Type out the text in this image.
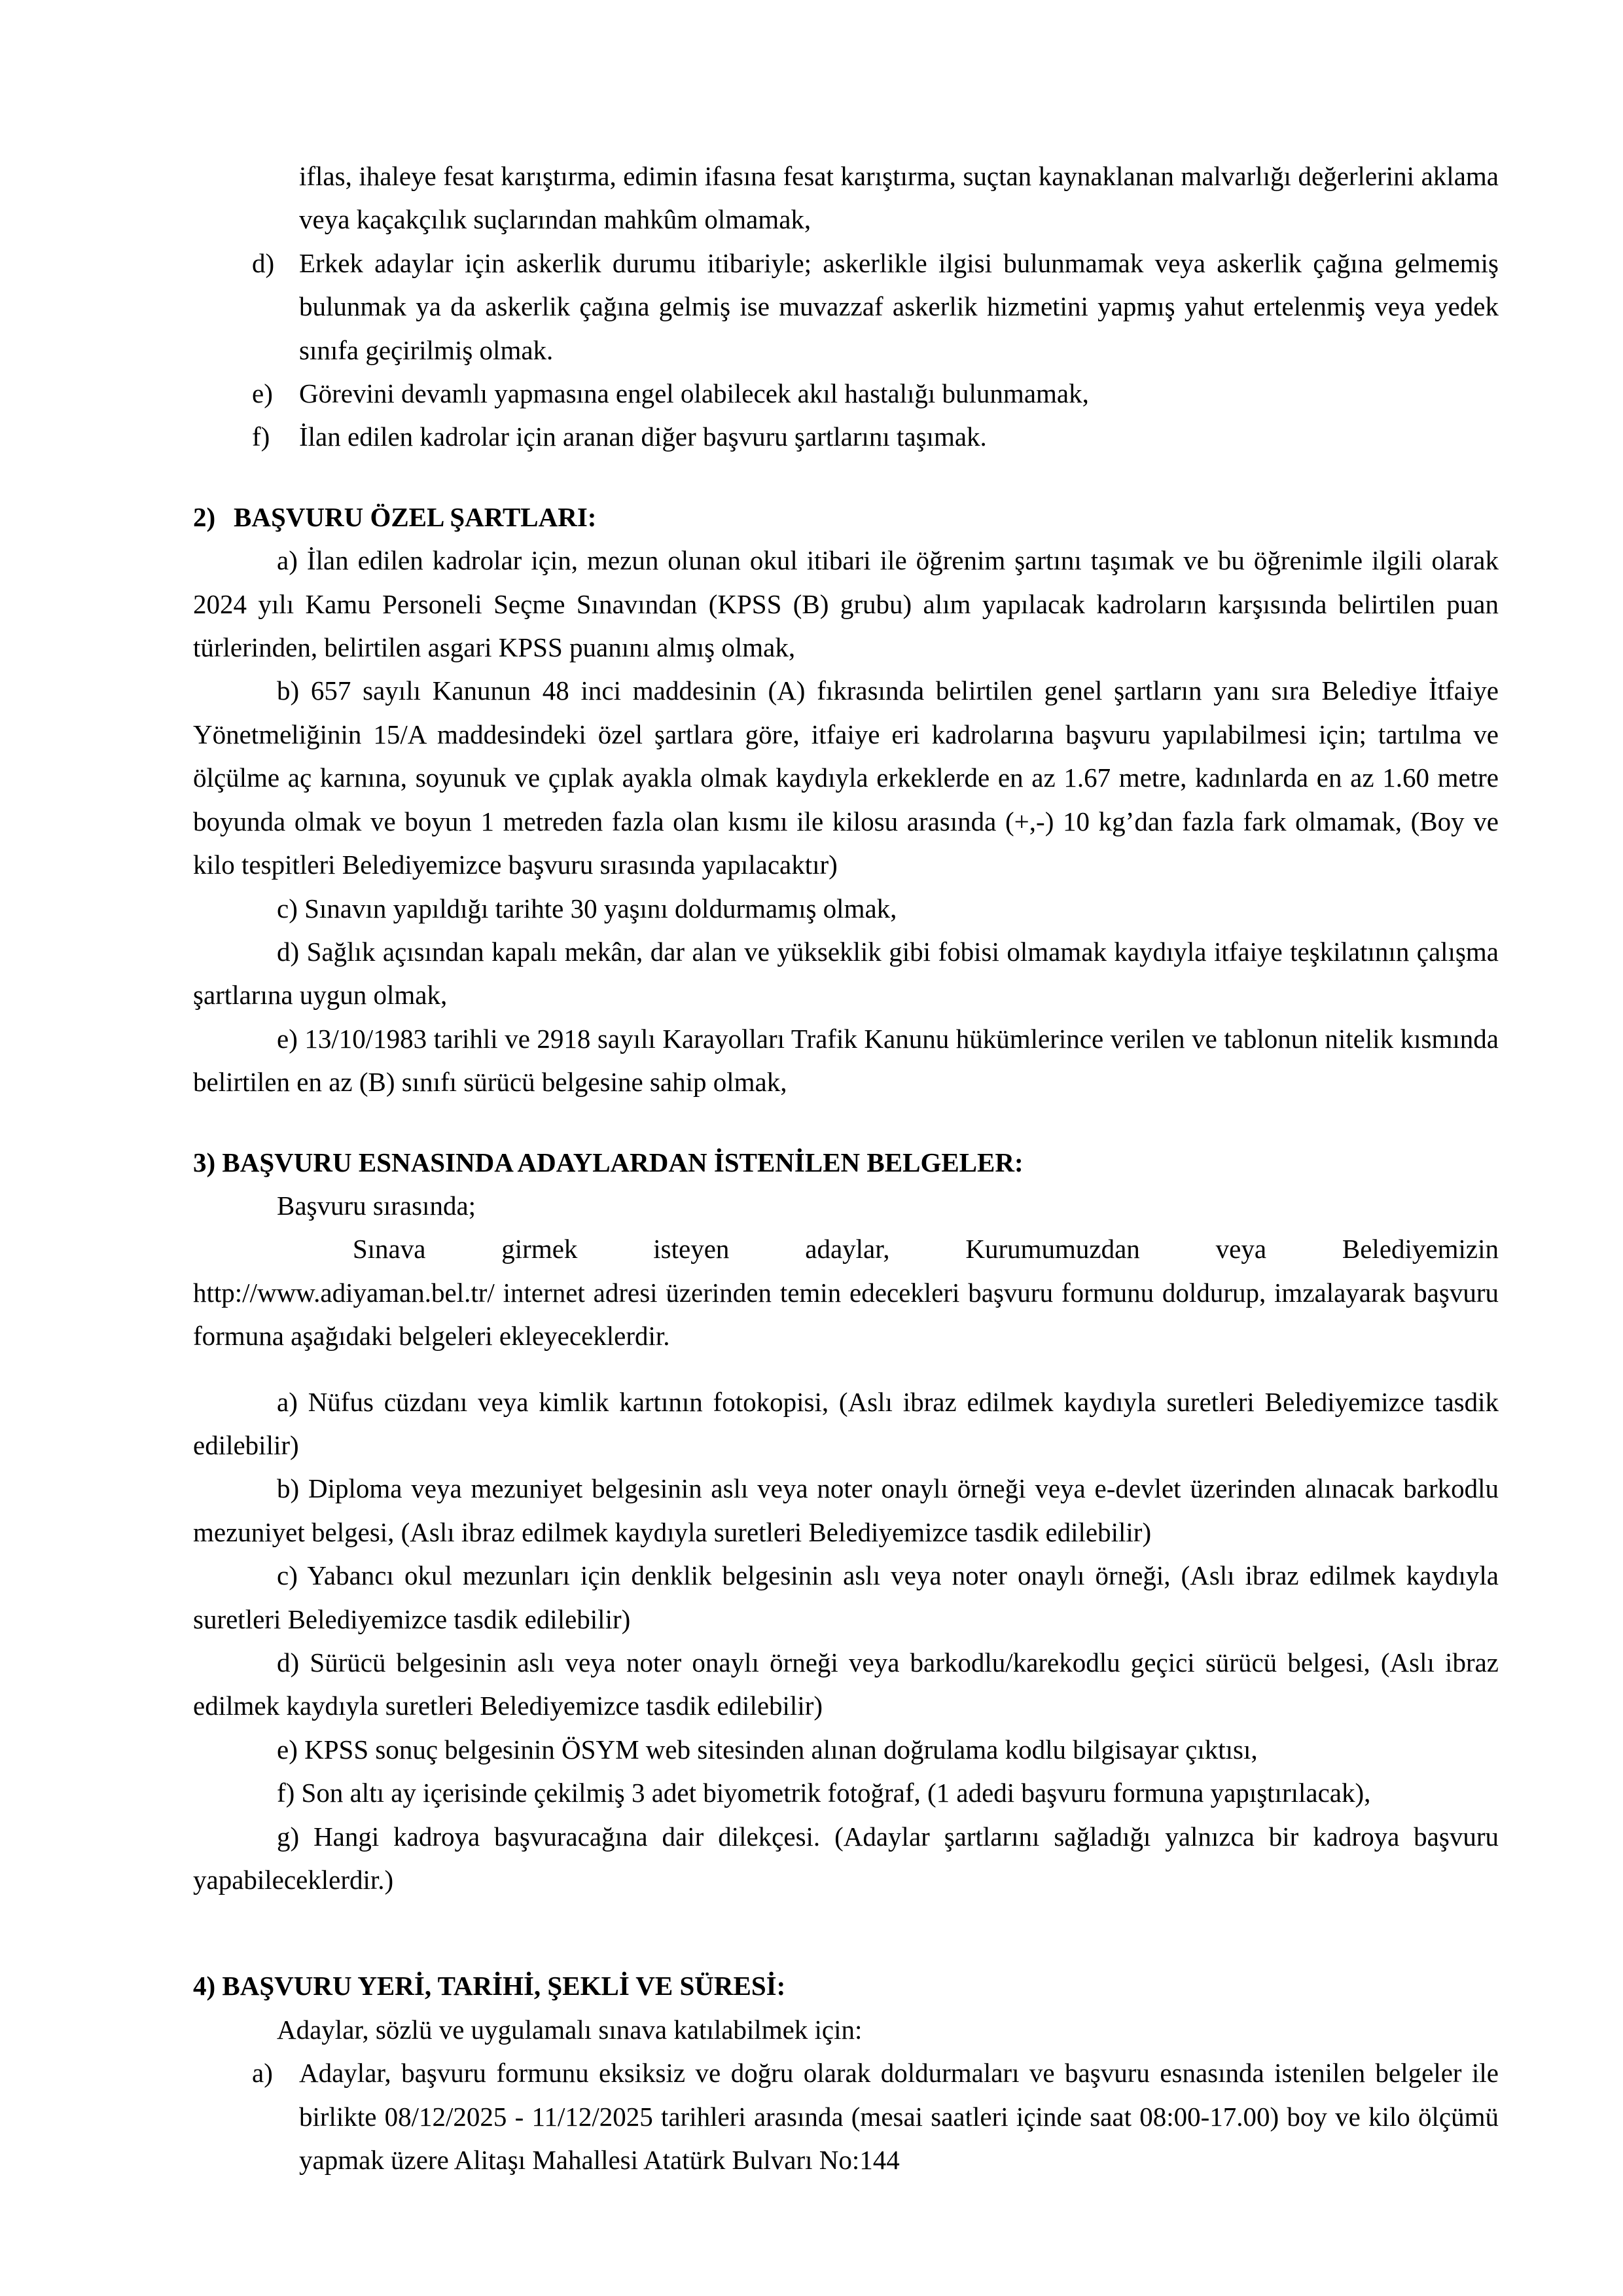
iflas, ihaleye fesat karıştırma, edimin ifasına fesat karıştırma, suçtan kaynaklanan malvarlığı değerlerini aklama veya kaçakçılık suçlarından mahkûm olmamak,

d) Erkek adaylar için askerlik durumu itibariyle; askerlikle ilgisi bulunmamak veya askerlik çağına gelmemiş bulunmak ya da askerlik çağına gelmiş ise muvazzaf askerlik hizmetini yapmış yahut ertelenmiş veya yedek sınıfa geçirilmiş olmak.
e) Görevini devamlı yapmasına engel olabilecek akıl hastalığı bulunmamak,
f)	İlan edilen kadrolar için aranan diğer başvuru şartlarını taşımak.

2) BAŞVURU ÖZEL ŞARTLARI:

a) İlan edilen kadrolar için, mezun olunan okul itibari ile öğrenim şartını taşımak ve bu öğrenimle ilgili olarak 2024 yılı Kamu Personeli Seçme Sınavından (KPSS (B) grubu) alım yapılacak kadroların karşısında belirtilen puan türlerinden, belirtilen asgari KPSS puanını almış olmak,

b) 657 sayılı Kanunun 48 inci maddesinin (A) fıkrasında belirtilen genel şartların yanı sıra Belediye İtfaiye Yönetmeliğinin 15/A maddesindeki özel şartlara göre, itfaiye eri kadrolarına başvuru yapılabilmesi için; tartılma ve ölçülme aç karnına, soyunuk ve çıplak ayakla olmak kaydıyla erkeklerde en az 1.67 metre, kadınlarda en az 1.60 metre boyunda olmak ve boyun 1 metreden fazla olan kısmı ile kilosu arasında (+,-) 10 kg’dan fazla fark olmamak, (Boy ve kilo tespitleri Belediyemizce başvuru sırasında yapılacaktır)

c) Sınavın yapıldığı tarihte 30 yaşını doldurmamış olmak,

d) Sağlık açısından kapalı mekân, dar alan ve yükseklik gibi fobisi olmamak kaydıyla itfaiye teşkilatının çalışma şartlarına uygun olmak,

e) 13/10/1983 tarihli ve 2918 sayılı Karayolları Trafik Kanunu hükümlerince verilen ve tablonun nitelik kısmında belirtilen en az (B) sınıfı sürücü belgesine sahip olmak,

3) BAŞVURU ESNASINDA ADAYLARDAN İSTENİLEN BELGELER:

Başvuru sırasında;

Sınava	girmek	isteyen	adaylar,	Kurumumuzdan	veya	Belediyemizin

http://www.adiyaman.bel.tr/ internet adresi üzerinden temin edecekleri başvuru formunu doldurup, imzalayarak başvuru formuna aşağıdaki belgeleri ekleyeceklerdir.

a) Nüfus cüzdanı veya kimlik kartının fotokopisi, (Aslı ibraz edilmek kaydıyla suretleri Belediyemizce tasdik edilebilir)

b) Diploma veya mezuniyet belgesinin aslı veya noter onaylı örneği veya e-devlet üzerinden alınacak barkodlu mezuniyet belgesi, (Aslı ibraz edilmek kaydıyla suretleri Belediyemizce tasdik edilebilir)

c) Yabancı okul mezunları için denklik belgesinin aslı veya noter onaylı örneği, (Aslı ibraz edilmek kaydıyla suretleri Belediyemizce tasdik edilebilir)

d) Sürücü belgesinin aslı veya noter onaylı örneği veya barkodlu/karekodlu geçici sürücü belgesi, (Aslı ibraz edilmek kaydıyla suretleri Belediyemizce tasdik edilebilir)

e) KPSS sonuç belgesinin ÖSYM web sitesinden alınan doğrulama kodlu bilgisayar çıktısı,

f) Son altı ay içerisinde çekilmiş 3 adet biyometrik fotoğraf, (1 adedi başvuru formuna yapıştırılacak),

g) Hangi kadroya başvuracağına dair dilekçesi. (Adaylar şartlarını sağladığı yalnızca bir kadroya başvuru yapabileceklerdir.)

4) BAŞVURU YERİ, TARİHİ, ŞEKLİ VE SÜRESİ:

Adaylar, sözlü ve uygulamalı sınava katılabilmek için:

a) Adaylar, başvuru formunu eksiksiz ve doğru olarak doldurmaları ve başvuru esnasında istenilen belgeler ile birlikte 08/12/2025 - 11/12/2025 tarihleri arasında (mesai saatleri içinde saat 08:00-17.00) boy ve kilo ölçümü yapmak üzere Alitaşı Mahallesi Atatürk Bulvarı No:144
